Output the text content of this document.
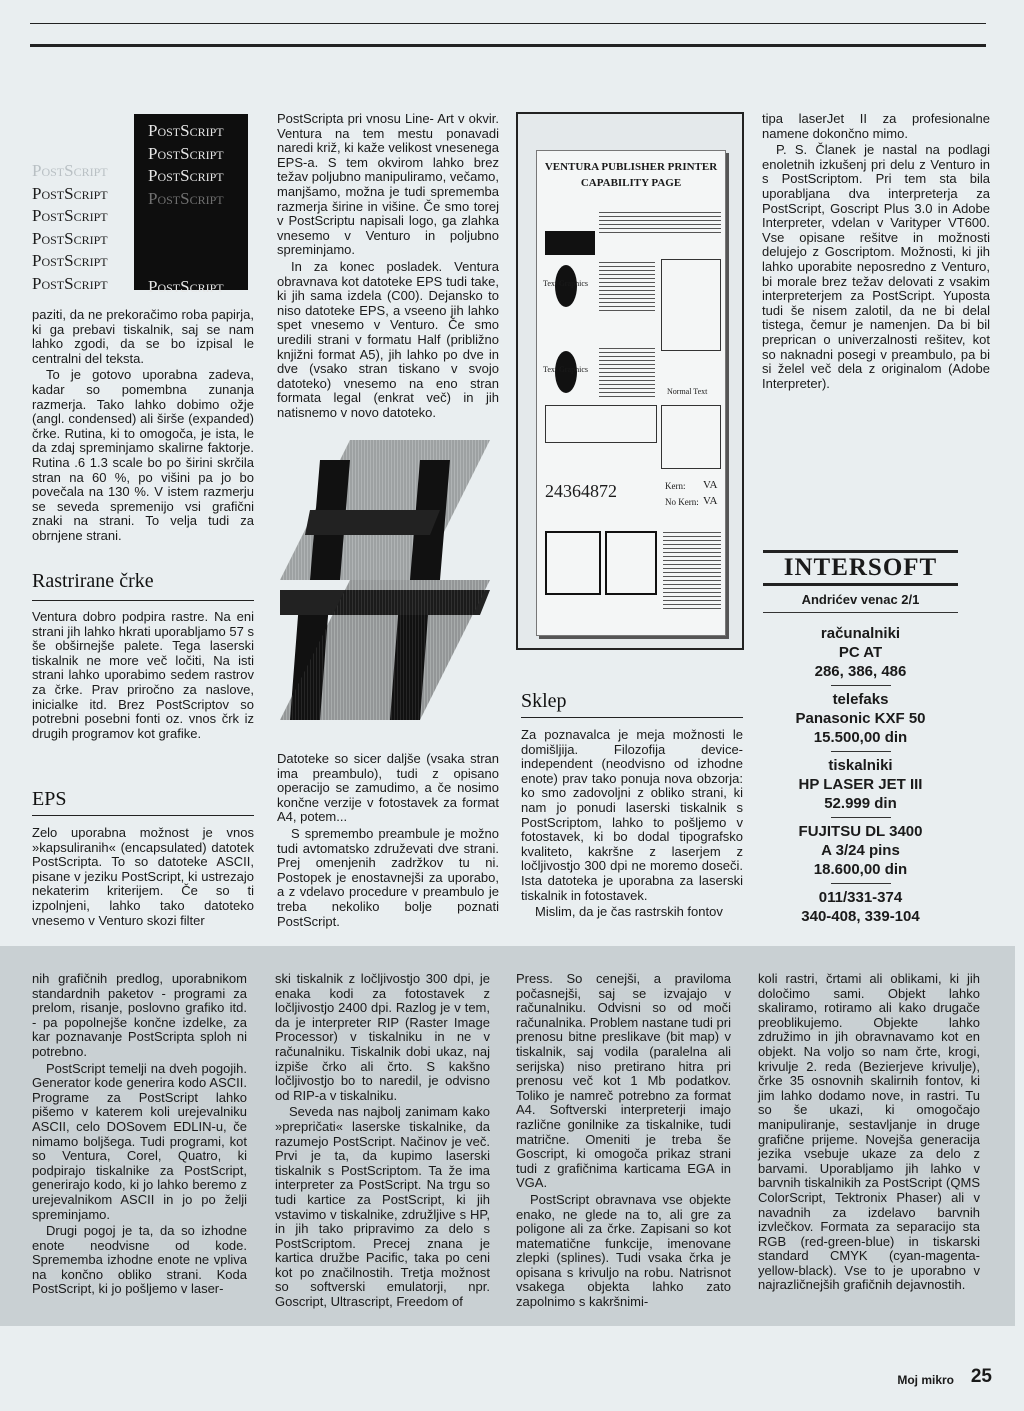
PostScript
PostScript
PostScript
PostScript
PostScript
PostScript
PostScript
PostScript
PostScript
PostScript
PostScript

paziti, da ne prekoračimo roba papirja, ki ga prebavi tiskalnik, saj se nam lahko zgodi, da se bo izpisal le centralni del teksta.

To je gotovo uporabna zadeva, kadar so pomembna zunanja razmerja. Tako lahko dobimo ožje (angl. condensed) ali širše (expanded) črke. Rutina, ki to omogoča, je ista, le da zdaj spreminjamo skalirne faktorje. Rutina .6 1.3 scale bo po širini skrčila stran na 60 %, po višini pa jo bo povečala na 130 %. V istem razmerju se seveda spremenijo vsi grafični znaki na strani. To velja tudi za obrnjene strani.

Rastrirane črke

Ventura dobro podpira rastre. Na eni strani jih lahko hkrati uporabljamo 57 s še obširnejše palete. Tega laserski tiskalnik ne more več ločiti, Na isti strani lahko uporabimo sedem rastrov za črke. Prav priročno za naslove, inicialke itd. Brez PostScriptov so potrebni posebni fonti oz. vnos črk iz drugih programov kot grafike.

EPS

Zelo uporabna možnost je vnos »kapsuliranih« (encapsulated) datotek PostScripta. To so datoteke ASCII, pisane v jeziku PostScript, ki ustrezajo nekaterim kriterijem. Če so ti izpolnjeni, lahko tako datoteko vnesemo v Venturo skozi filter

PostScripta pri vnosu Line- Art v okvir. Ventura na tem mestu ponavadi naredi križ, ki kaže velikost vnesenega EPS-a. S tem okvirom lahko brez težav poljubno manipuliramo, večamo, manjšamo, možna je tudi sprememba razmerja širine in višine. Če smo torej v PostScriptu napisali logo, ga zlahka vnesemo v Venturo in poljubno spreminjamo.

In za konec posladek. Ventura obravnava kot datoteke EPS tudi take, ki jih sama izdela (C00). Dejansko to niso datoteke EPS, a vseeno jih lahko spet vnesemo v Venturo. Če smo uredili strani v formatu Half (približno knjižni format A5), jih lahko po dve in dve (vsako stran tiskano v svojo datoteko) vnesemo na eno stran formata legal (enkrat več) in jih natisnemo v novo datoteko.

Datoteke so sicer daljše (vsaka stran ima preambulo), tudi z opisano operacijo se zamudimo, a če nosimo končne verzije v fotostavek za format A4, potem...

S spremembo preambule je možno tudi avtomatsko združevati dve strani. Prej omenjenih zadržkov tu ni. Postopek je enostavnejši za uporabo, a z vdelavo procedure v preambulo je treba nekoliko bolje poznati PostScript.

VENTURA PUBLISHER PRINTER
CAPABILITY PAGE
Text Graphics
Text Graphics
Normal Text
24364872	Kern: VA
No Kern: VA
Sklep

Za poznavalca je meja možnosti le domišljija. Filozofija device- independent (neodvisno od izhodne enote) prav tako ponuja nova obzorja: ko smo zadovoljni z obliko strani, ki nam jo ponudi laserski tiskalnik s PostScriptom, lahko to pošljemo v fotostavek, ki bo dodal tipografsko kvaliteto, kakršne z laserjem z ločljivostjo 300 dpi ne moremo doseči. Ista datoteka je uporabna za laserski tiskalnik in fotostavek.

Mislim, da je čas rastrskih fontov

tipa laserJet II za profesionalne namene dokončno mimo.

P. S. Članek je nastal na podlagi enoletnih izkušenj pri delu z Venturo in s PostScriptom. Pri tem sta bila uporabljana dva interpreterja za PostScript, Goscript Plus 3.0 in Adobe Interpreter, vdelan v Varityper VT600. Vse opisane rešitve in možnosti delujejo z Goscriptom. Možnosti, ki jih lahko uporabite neposredno z Venturo, bi morale brez težav delovati z vsakim interpreterjem za PostScript. Yuposta tudi še nisem zalotil, da ne bi delal tistega, čemur je namenjen. Da bi bil preprican o univerzalnosti rešitev, kot so naknadni posegi v preambulo, pa bi si želel več dela z originalom (Adobe Interpreter).

INTERSOFT
Andrićev venac 2/1
računalniki
PC AT
286, 386, 486
telefaks
Panasonic KXF 50
15.500,00 din
tiskalniki
HP LASER JET III
52.999 din
FUJITSU DL 3400
A 3/24 pins
18.600,00 din
011/331-374
340-408, 339-104

nih grafičnih predlog, uporabnikom standardnih paketov - programi za prelom, risanje, poslovno grafiko itd. - pa popolnejše končne izdelke, za kar poznavanje PostScripta sploh ni potrebno.

PostScript temelji na dveh pogojih. Generator kode generira kodo ASCII. Programe za PostScript lahko pišemo v katerem koli urejevalniku ASCII, celo DOSovem EDLIN-u, če nimamo boljšega. Tudi programi, kot so Ventura, Corel, Quatro, ki podpirajo tiskalnike za PostScript, generirajo kodo, ki jo lahko beremo z urejevalnikom ASCII in jo po želji spreminjamo.

Drugi pogoj je ta, da so izhodne enote neodvisne od kode. Sprememba izhodne enote ne vpliva na končno obliko strani. Koda PostScript, ki jo pošljemo v laser-

ski tiskalnik z ločljivostjo 300 dpi, je enaka kodi za fotostavek z ločljivostjo 2400 dpi. Razlog je v tem, da je interpreter RIP (Raster Image Processor) v tiskalniku in ne v računalniku. Tiskalnik dobi ukaz, naj izpiše črko ali črto. S kakšno ločljivostjo bo to naredil, je odvisno od RIP-a v tiskalniku.

Seveda nas najbolj zanimam kako »prepričati« laserske tiskalnike, da razumejo PostScript. Načinov je več. Prvi je ta, da kupimo laserski tiskalnik s PostScriptom. Ta že ima interpreter za PostScript. Na trgu so tudi kartice za PostScript, ki jih vstavimo v tiskalnike, združljive s HP, in jih tako pripravimo za delo s PostScriptom. Precej znana je kartica družbe Pacific, taka po ceni kot po značilnostih. Tretja možnost so softverski emulatorji, npr. Goscript, Ultrascript, Freedom of

Press. So cenejši, a praviloma počasnejši, saj se izvajajo v računalniku. Odvisni so od moči računalnika. Problem nastane tudi pri prenosu bitne preslikave (bit map) v tiskalnik, saj vodila (paralelna ali serijska) niso pretirano hitra pri prenosu več kot 1 Mb podatkov. Toliko je namreč potrebno za format A4. Softverski interpreterji imajo različne gonilnike za tiskalnike, tudi matrične. Omeniti je treba še Goscript, ki omogoča prikaz strani tudi z grafičnima karticama EGA in VGA.

PostScript obravnava vse objekte enako, ne glede na to, ali gre za poligone ali za črke. Zapisani so kot matematične funkcije, imenovane zlepki (splines). Tudi vsaka črka je opisana s krivuljo na robu. Natrisnot vsakega objekta lahko zato zapolnimo s kakršnimi-

koli rastri, črtami ali oblikami, ki jih določimo sami. Objekt lahko skaliramo, rotiramo ali kako drugače preoblikujemo. Objekte lahko združimo in jih obravnavamo kot en objekt. Na voljo so nam črte, krogi, krivulje 2. reda (Bezierjeve krivulje), črke 35 osnovnih skalirnih fontov, ki jim lahko dodamo nove, in rastri. Tu so še ukazi, ki omogočajo manipuliranje, sestavljanje in druge grafične prijeme. Novejša generacija jezika vsebuje ukaze za delo z barvami. Uporabljamo jih lahko v barvnih tiskalnikih za PostScript (QMS ColorScript, Tektronix Phaser) ali v navadnih za izdelavo barvnih izvlečkov. Formata za separacijo sta RGB (red-green-blue) in tiskarski standard CMYK (cyan-magenta-yellow-black). Vse to je uporabno v najrazličnejših grafičnih dejavnostih.

Moj mikro 25
